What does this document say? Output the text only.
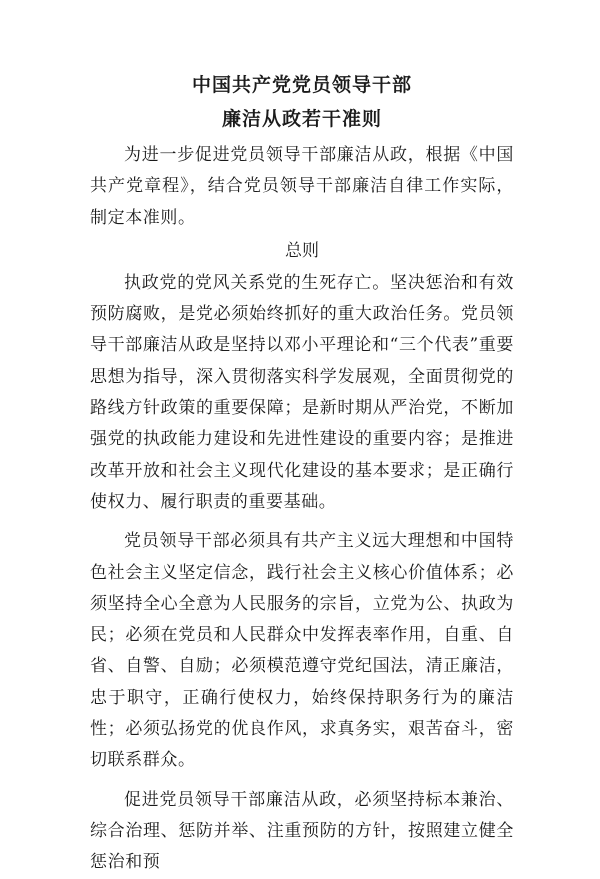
中国共产党党员领导干部
廉洁从政若干准则

为进一步促进党员领导干部廉洁从政，根据《中国共产党章程》，结合党员领导干部廉洁自律工作实际，制定本准则。

总则

执政党的党风关系党的生死存亡。坚决惩治和有效预防腐败，是党必须始终抓好的重大政治任务。党员领导干部廉洁从政是坚持以邓小平理论和“三个代表”重要思想为指导，深入贯彻落实科学发展观，全面贯彻党的路线方针政策的重要保障；是新时期从严治党，不断加强党的执政能力建设和先进性建设的重要内容；是推进改革开放和社会主义现代化建设的基本要求；是正确行使权力、履行职责的重要基础。

党员领导干部必须具有共产主义远大理想和中国特色社会主义坚定信念，践行社会主义核心价值体系；必须坚持全心全意为人民服务的宗旨，立党为公、执政为民；必须在党员和人民群众中发挥表率作用，自重、自省、自警、自励；必须模范遵守党纪国法，清正廉洁，忠于职守，正确行使权力，始终保持职务行为的廉洁性；必须弘扬党的优良作风，求真务实，艰苦奋斗，密切联系群众。

促进党员领导干部廉洁从政，必须坚持标本兼治、综合治理、惩防并举、注重预防的方针，按照建立健全惩治和预
